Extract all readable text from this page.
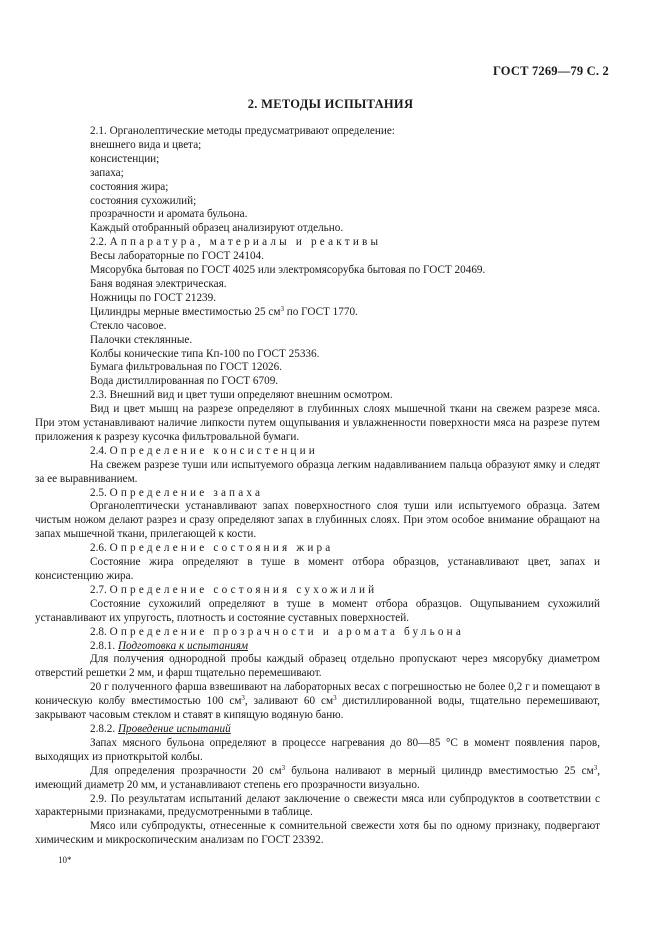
ГОСТ 7269—79 С. 2
2. МЕТОДЫ ИСПЫТАНИЯ

2.1. Органолептические методы предусматривают определение:

внешнего вида и цвета;

консистенции;

запаха;

состояния жира;

состояния сухожилий;

прозрачности и аромата бульона.

Каждый отобранный образец анализируют отдельно.

2.2. Аппаратура, материалы и реактивы

Весы лабораторные по ГОСТ 24104.

Мясорубка бытовая по ГОСТ 4025 или электромясорубка бытовая по ГОСТ 20469.

Баня водяная электрическая.

Ножницы по ГОСТ 21239.

Цилиндры мерные вместимостью 25 $см^3$ по ГОСТ 1770.

Стекло часовое.

Палочки стеклянные.

Колбы конические типа Кп-100 по ГОСТ 25336.

Бумага фильтровальная по ГОСТ 12026.

Вода дистиллированная по ГОСТ 6709.

2.3. Внешний вид и цвет туши определяют внешним осмотром.

Вид и цвет мышц на разрезе определяют в глубинных слоях мышечной ткани на свежем разрезе мяса. При этом устанавливают наличие липкости путем ощупывания и увлажненности поверхности мяса на разрезе путем приложения к разрезу кусочка фильтровальной бумаги.

2.4. Определение консистенции

На свежем разрезе туши или испытуемого образца легким надавливанием пальца образуют ямку и следят за ее выравниванием.

2.5. Определение запаха

Органолептически устанавливают запах поверхностного слоя туши или испытуемого образца. Затем чистым ножом делают разрез и сразу определяют запах в глубинных слоях. При этом особое внимание обращают на запах мышечной ткани, прилегающей к кости.

2.6. Определение состояния жира

Состояние жира определяют в туше в момент отбора образцов, устанавливают цвет, запах и консистенцию жира.

2.7. Определение состояния сухожилий

Состояние сухожилий определяют в туше в момент отбора образцов. Ощупыванием сухожилий устанавливают их упругость, плотность и состояние суставных поверхностей.

2.8. Определение прозрачности и аромата бульона

2.8.1. Подготовка к испытаниям

Для получения однородной пробы каждый образец отдельно пропускают через мясорубку диаметром отверстий решетки 2 мм, и фарш тщательно перемешивают.

20 г полученного фарша взвешивают на лабораторных весах с погрешностью не более 0,2 г и помещают в коническую колбу вместимостью 100 $см^3$, заливают 60 $см^3$ дистиллированной воды, тщательно перемешивают, закрывают часовым стеклом и ставят в кипящую водяную баню.

2.8.2. Проведение испытаний

Запах мясного бульона определяют в процессе нагревания до 80—85 °С в момент появления паров, выходящих из приоткрытой колбы.

Для определения прозрачности 20 $см^3$ бульона наливают в мерный цилиндр вместимостью 25 $см^3$, имеющий диаметр 20 мм, и устанавливают степень его прозрачности визуально.

2.9. По результатам испытаний делают заключение о свежести мяса или субпродуктов в соответствии с характерными признаками, предусмотренными в таблице.

Мясо или субпродукты, отнесенные к сомнительной свежести хотя бы по одному признаку, подвергают химическим и микроскопическим анализам по ГОСТ 23392.

10*
